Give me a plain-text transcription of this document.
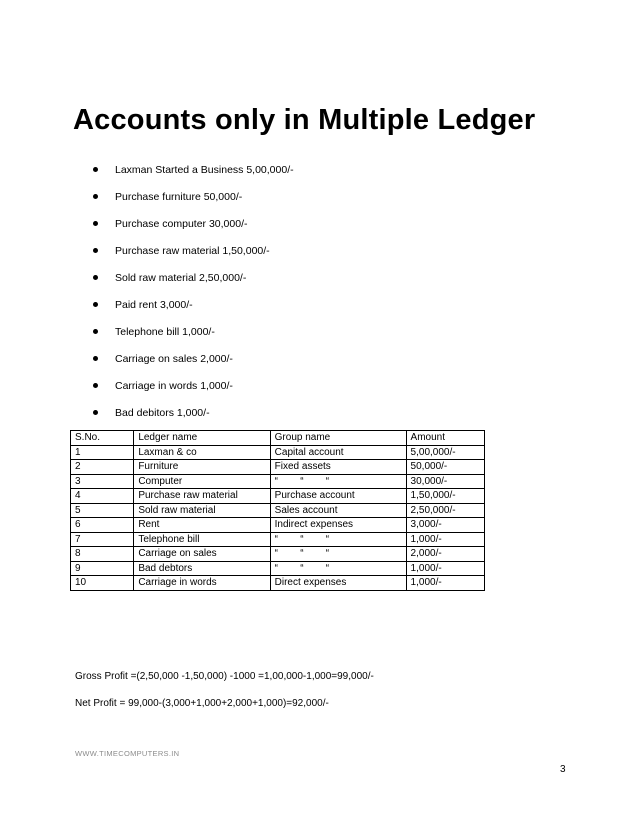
Accounts only in Multiple Ledger
Laxman Started a Business 5,00,000/-
Purchase furniture 50,000/-
Purchase computer 30,000/-
Purchase raw material 1,50,000/-
Sold raw material 2,50,000/-
Paid rent 3,000/-
Telephone bill 1,000/-
Carriage on sales 2,000/-
Carriage in words 1,000/-
Bad debitors 1,000/-
S.No.	Ledger name	Group name	Amount
1	Laxman & co	Capital account	5,00,000/-
2	Furniture	Fixed assets	50,000/-
3	Computer	“        “        “	30,000/-
4	Purchase raw material	Purchase account	1,50,000/-
5	Sold raw material	Sales account	2,50,000/-
6	Rent	Indirect expenses	3,000/-
7	Telephone bill	“        “        “	1,000/-
8	Carriage on sales	“        “        “	2,000/-
9	Bad debtors	“        “        “	1,000/-
10	Carriage in words	Direct expenses	1,000/-
Gross Profit =(2,50,000 -1,50,000) -1000 =1,00,000-1,000=99,000/-
Net Profit = 99,000-(3,000+1,000+2,000+1,000)=92,000/-
WWW.TIMECOMPUTERS.IN
3
